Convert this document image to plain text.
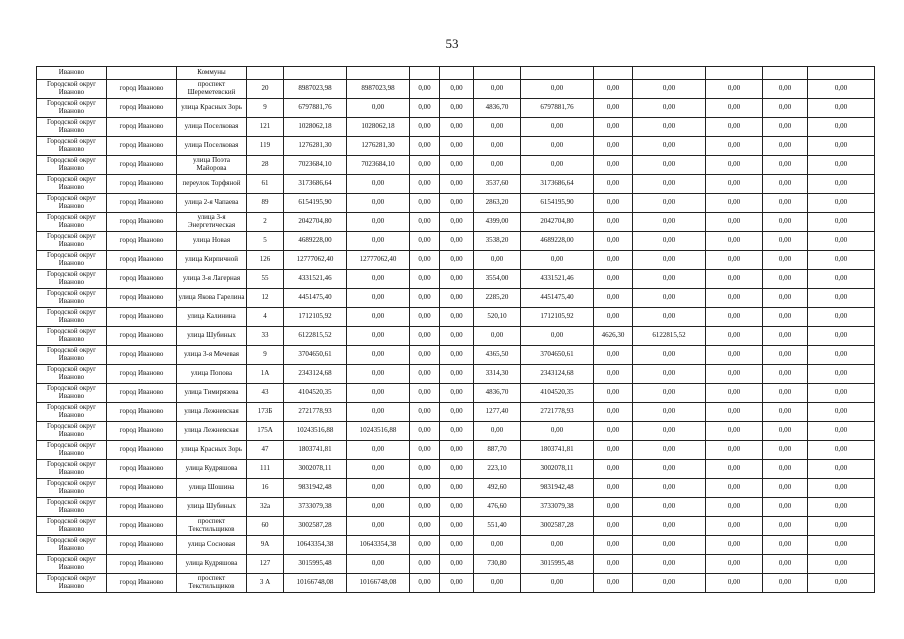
53
Иваново		Коммуны												
Городской округ Иваново	город Иваново	проспект Шереметевский	20	8987023,98	8987023,98	0,00	0,00	0,00	0,00	0,00	0,00	0,00	0,00	0,00
Городской округ Иваново	город Иваново	улица Красных Зорь	9	6797881,76	0,00	0,00	0,00	4836,70	6797881,76	0,00	0,00	0,00	0,00	0,00
Городской округ Иваново	город Иваново	улица Поселковая	121	1028062,18	1028062,18	0,00	0,00	0,00	0,00	0,00	0,00	0,00	0,00	0,00
Городской округ Иваново	город Иваново	улица Поселковая	119	1276281,30	1276281,30	0,00	0,00	0,00	0,00	0,00	0,00	0,00	0,00	0,00
Городской округ Иваново	город Иваново	улица Поэта Майорова	28	7023684,10	7023684,10	0,00	0,00	0,00	0,00	0,00	0,00	0,00	0,00	0,00
Городской округ Иваново	город Иваново	переулок Торфяной	61	3173686,64	0,00	0,00	0,00	3537,60	3173686,64	0,00	0,00	0,00	0,00	0,00
Городской округ Иваново	город Иваново	улица 2-я Чапаева	89	6154195,90	0,00	0,00	0,00	2863,20	6154195,90	0,00	0,00	0,00	0,00	0,00
Городской округ Иваново	город Иваново	улица 3-я Энергетическая	2	2042704,80	0,00	0,00	0,00	4399,00	2042704,80	0,00	0,00	0,00	0,00	0,00
Городской округ Иваново	город Иваново	улица Новая	5	4689228,00	0,00	0,00	0,00	3538,20	4689228,00	0,00	0,00	0,00	0,00	0,00
Городской округ Иваново	город Иваново	улица Кирпичной	126	12777062,40	12777062,40	0,00	0,00	0,00	0,00	0,00	0,00	0,00	0,00	0,00
Городской округ Иваново	город Иваново	улица 3-я Лагерная	55	4331521,46	0,00	0,00	0,00	3554,00	4331521,46	0,00	0,00	0,00	0,00	0,00
Городской округ Иваново	город Иваново	улица Якова Гарелина	12	4451475,40	0,00	0,00	0,00	2285,20	4451475,40	0,00	0,00	0,00	0,00	0,00
Городской округ Иваново	город Иваново	улица Калинина	4	1712105,92	0,00	0,00	0,00	520,10	1712105,92	0,00	0,00	0,00	0,00	0,00
Городской округ Иваново	город Иваново	улица Шубиных	33	6122815,52	0,00	0,00	0,00	0,00	0,00	4626,30	6122815,52	0,00	0,00	0,00
Городской округ Иваново	город Иваново	улица 3-я Мечевая	9	3704650,61	0,00	0,00	0,00	4365,50	3704650,61	0,00	0,00	0,00	0,00	0,00
Городской округ Иваново	город Иваново	улица Попова	1А	2343124,68	0,00	0,00	0,00	3314,30	2343124,68	0,00	0,00	0,00	0,00	0,00
Городской округ Иваново	город Иваново	улица Тимирязева	43	4104520,35	0,00	0,00	0,00	4836,70	4104520,35	0,00	0,00	0,00	0,00	0,00
Городской округ Иваново	город Иваново	улица Лежневская	173Б	2721778,93	0,00	0,00	0,00	1277,40	2721778,93	0,00	0,00	0,00	0,00	0,00
Городской округ Иваново	город Иваново	улица Лежневская	175А	10243516,88	10243516,88	0,00	0,00	0,00	0,00	0,00	0,00	0,00	0,00	0,00
Городской округ Иваново	город Иваново	улица Красных Зорь	47	1803741,81	0,00	0,00	0,00	887,70	1803741,81	0,00	0,00	0,00	0,00	0,00
Городской округ Иваново	город Иваново	улица Кудряшова	111	3002078,11	0,00	0,00	0,00	223,10	3002078,11	0,00	0,00	0,00	0,00	0,00
Городской округ Иваново	город Иваново	улица Шошина	16	9831942,48	0,00	0,00	0,00	492,60	9831942,48	0,00	0,00	0,00	0,00	0,00
Городской округ Иваново	город Иваново	улица Шубиных	32а	3733079,38	0,00	0,00	0,00	476,60	3733079,38	0,00	0,00	0,00	0,00	0,00
Городской округ Иваново	город Иваново	проспект Текстильщиков	60	3002587,28	0,00	0,00	0,00	551,40	3002587,28	0,00	0,00	0,00	0,00	0,00
Городской округ Иваново	город Иваново	улица Сосновая	9А	10643354,38	10643354,38	0,00	0,00	0,00	0,00	0,00	0,00	0,00	0,00	0,00
Городской округ Иваново	город Иваново	улица Кудряшова	127	3015995,48	0,00	0,00	0,00	730,80	3015995,48	0,00	0,00	0,00	0,00	0,00
Городской округ Иваново	город Иваново	проспект Текстильщиков	3 А	10166748,08	10166748,08	0,00	0,00	0,00	0,00	0,00	0,00	0,00	0,00	0,00
